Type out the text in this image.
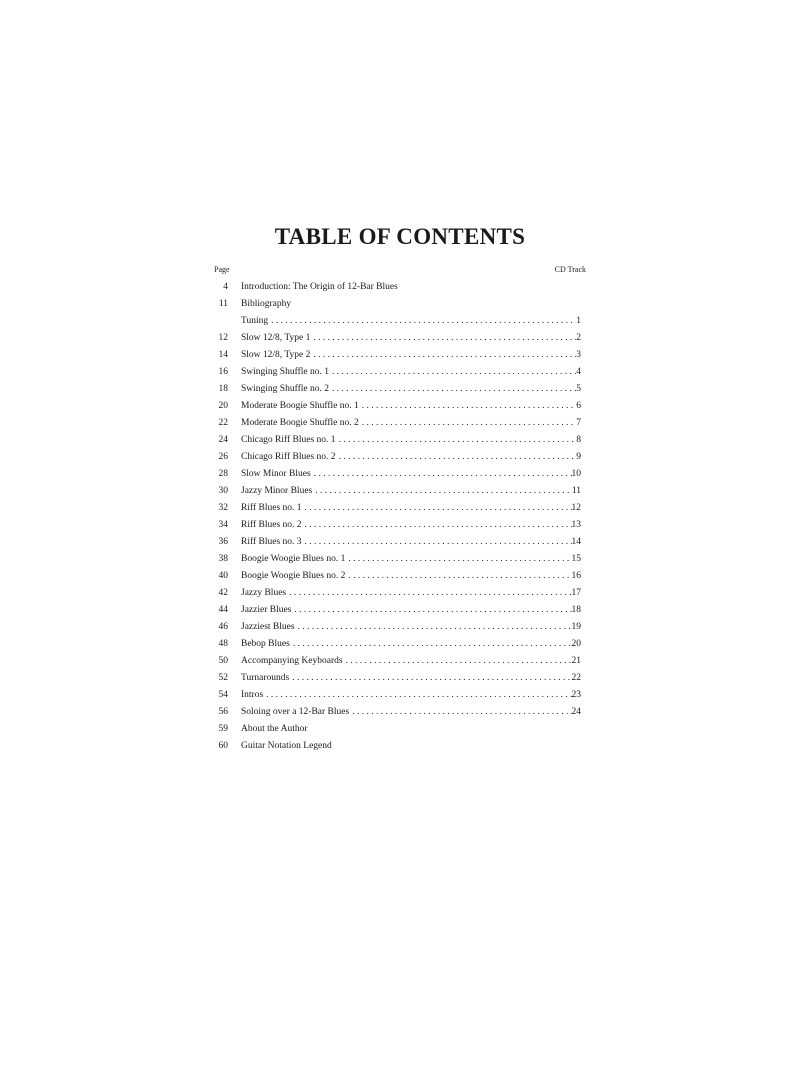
TABLE OF CONTENTS
Page	CD Track
4 Introduction: The Origin of 12-Bar Blues
11 Bibliography
Tuning . . .	1
12 Slow 12/8, Type 1 . . .	2
14 Slow 12/8, Type 2 . . .	3
16 Swinging Shuffle no. 1 . . .	4
18 Swinging Shuffle no. 2 . . .	5
20 Moderate Boogie Shuffle no. 1 . . .	6
22 Moderate Boogie Shuffle no. 2 . . .	7
24 Chicago Riff Blues no. 1 . . .	8
26 Chicago Riff Blues no. 2 . . .	9
28 Slow Minor Blues . . .	10
30 Jazzy Minor Blues . . .	11
32 Riff Blues no. 1 . . .	12
34 Riff Blues no. 2 . . .	13
36 Riff Blues no. 3 . . .	14
38 Boogie Woogie Blues no. 1 . . .	15
40 Boogie Woogie Blues no. 2 . . .	16
42 Jazzy Blues . . .	17
44 Jazzier Blues . . .	18
46 Jazziest Blues . . .	19
48 Bebop Blues . . .	20
50 Accompanying Keyboards . . .	21
52 Turnarounds . . .	22
54 Intros . . .	23
56 Soloing over a 12-Bar Blues . . .	24
59 About the Author
60 Guitar Notation Legend
